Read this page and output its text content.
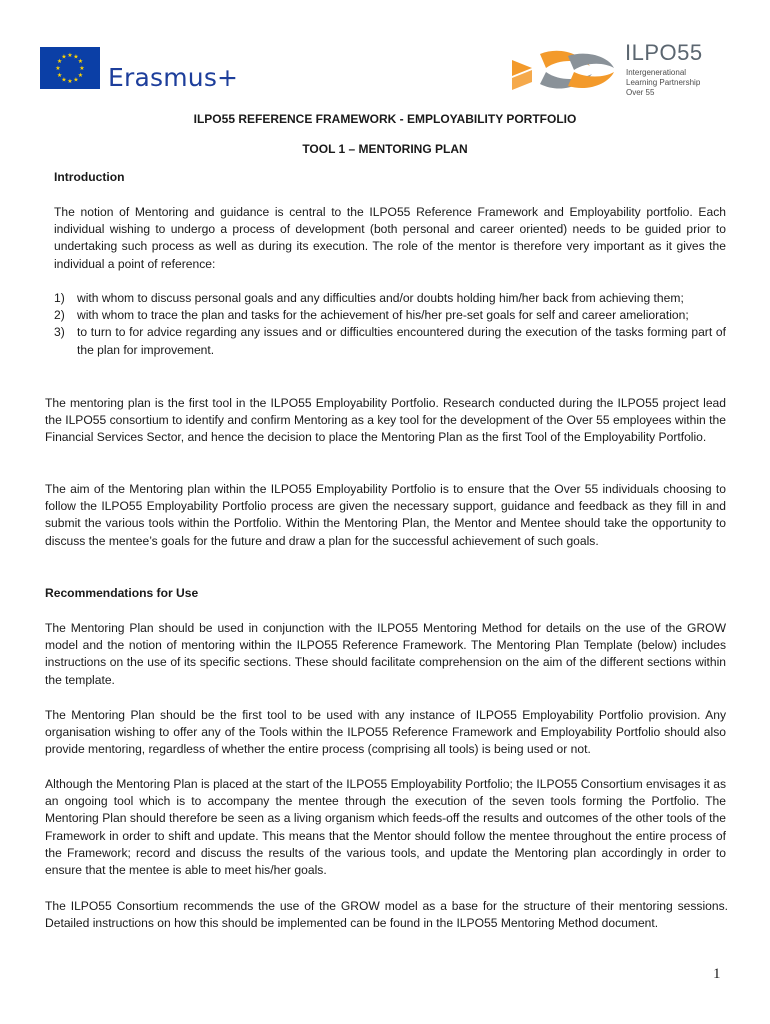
★ ★
★
★
★
★
★
★
★
★
★
★
Erasmus+
ILPO55
Intergenerational
Learning Partnership
Over 55
ILPO55 REFERENCE FRAMEWORK - EMPLOYABILITY PORTFOLIO
TOOL 1 – MENTORING PLAN
Introduction
The notion of Mentoring and guidance is central to the ILPO55 Reference Framework and Employability portfolio. Each individual wishing to undergo a process of development (both personal and career oriented) needs to be guided prior to undertaking such process as well as during its execution. The role of the mentor is therefore very important as it gives the individual a point of reference:
1)	with whom to discuss personal goals and any difficulties and/or doubts holding him/her back from achieving them;
2)	with whom to trace the plan and tasks for the achievement of his/her pre-set goals for self and career amelioration;
3)	to turn to for advice regarding any issues and or difficulties encountered during the execution of the tasks forming part of the plan for improvement.
The mentoring plan is the first tool in the ILPO55 Employability Portfolio. Research conducted during the ILPO55 project lead the ILPO55 consortium to identify and confirm Mentoring as a key tool for the development of the Over 55 employees within the Financial Services Sector, and hence the decision to place the Mentoring Plan as the first Tool of the Employability Portfolio.
The aim of the Mentoring plan within the ILPO55 Employability Portfolio is to ensure that the Over 55 individuals choosing to follow the ILPO55 Employability Portfolio process are given the necessary support, guidance and feedback as they fill in and submit the various tools within the Portfolio. Within the Mentoring Plan, the Mentor and Mentee should take the opportunity to discuss the mentee’s goals for the future and draw a plan for the successful achievement of such goals.
Recommendations for Use
The Mentoring Plan should be used in conjunction with the ILPO55 Mentoring Method for details on the use of the GROW model and the notion of mentoring within the ILPO55 Reference Framework. The Mentoring Plan Template (below) includes instructions on the use of its specific sections. These should facilitate comprehension on the aim of the different sections within the template.
The Mentoring Plan should be the first tool to be used with any instance of ILPO55 Employability Portfolio provision. Any organisation wishing to offer any of the Tools within the ILPO55 Reference Framework and Employability Portfolio should also provide mentoring, regardless of whether the entire process (comprising all tools) is being used or not.
Although the Mentoring Plan is placed at the start of the ILPO55 Employability Portfolio; the ILPO55 Consortium envisages it as an ongoing tool which is to accompany the mentee through the execution of the seven tools forming the Portfolio. The Mentoring Plan should therefore be seen as a living organism which feeds-off the results and outcomes of the other tools of the Framework in order to shift and update. This means that the Mentor should follow the mentee throughout the entire process of the Framework; record and discuss the results of the various tools, and update the Mentoring plan accordingly in order to ensure that the mentee is able to meet his/her goals.
The ILPO55 Consortium recommends the use of the GROW model as a base for the structure of their mentoring sessions. Detailed instructions on how this should be implemented can be found in the ILPO55 Mentoring Method document.
1
